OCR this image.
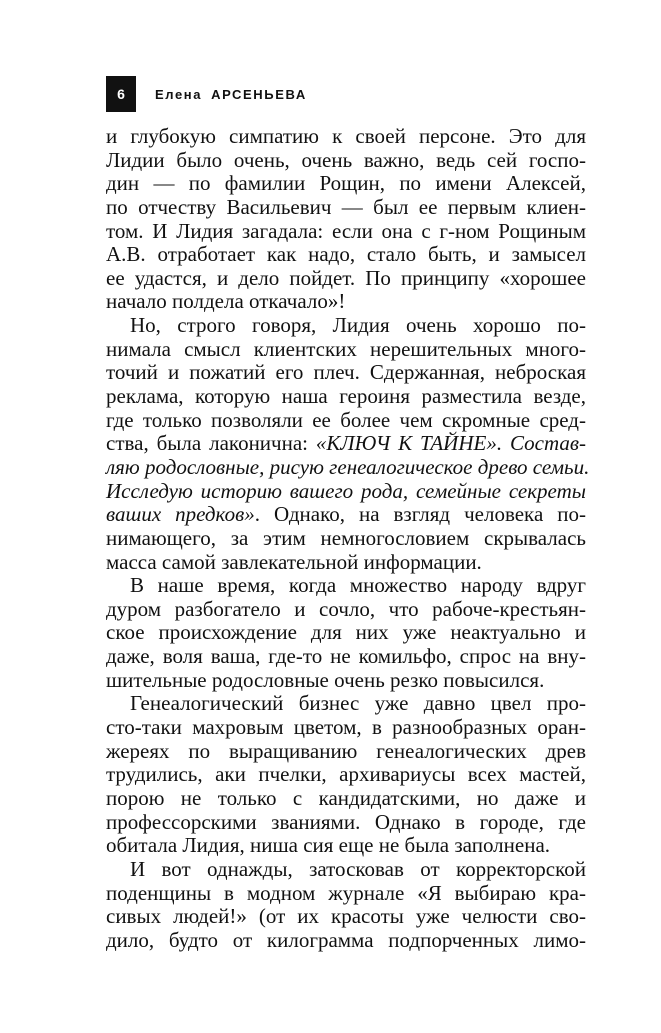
6	Елена АРСЕНЬЕВА
и глубокую симпатию к своей персоне. Это для
Лидии было очень, очень важно, ведь сей госпо-
дин — по фамилии Рощин, по имени Алексей,
по отчеству Васильевич — был ее первым клиен-
том. И Лидия загадала: если она с г-ном Рощиным
А.В. отработает как надо, стало быть, и замысел
ее удастся, и дело пойдет. По принципу «хорошее
начало полдела откачало»!
Но, строго говоря, Лидия очень хорошо по-
нимала смысл клиентских нерешительных много-
точий и пожатий его плеч. Сдержанная, неброская
реклама, которую наша героиня разместила везде,
где только позволяли ее более чем скромные сред-
ства, была лаконична: «КЛЮЧ К ТАЙНЕ». Состав-
ляю родословные, рисую генеалогическое древо семьи.
Исследую историю вашего рода, семейные секреты
ваших предков». Однако, на взгляд человека по-
нимающего, за этим немногословием скрывалась
масса самой завлекательной информации.
В наше время, когда множество народу вдруг
дуром разбогатело и сочло, что рабоче-крестьян-
ское происхождение для них уже неактуально и
даже, воля ваша, где-то не комильфо, спрос на вну-
шительные родословные очень резко повысился.
Генеалогический бизнес уже давно цвел про-
сто-таки махровым цветом, в разнообразных оран-
жереях по выращиванию генеалогических древ
трудились, аки пчелки, архивариусы всех мастей,
порою не только с кандидатскими, но даже и
профессорскими званиями. Однако в городе, где
обитала Лидия, ниша сия еще не была заполнена.
И вот однажды, затосковав от корректорской
поденщины в модном журнале «Я выбираю кра-
сивых людей!» (от их красоты уже челюсти сво-
дило, будто от килограмма подпорченных лимо-
